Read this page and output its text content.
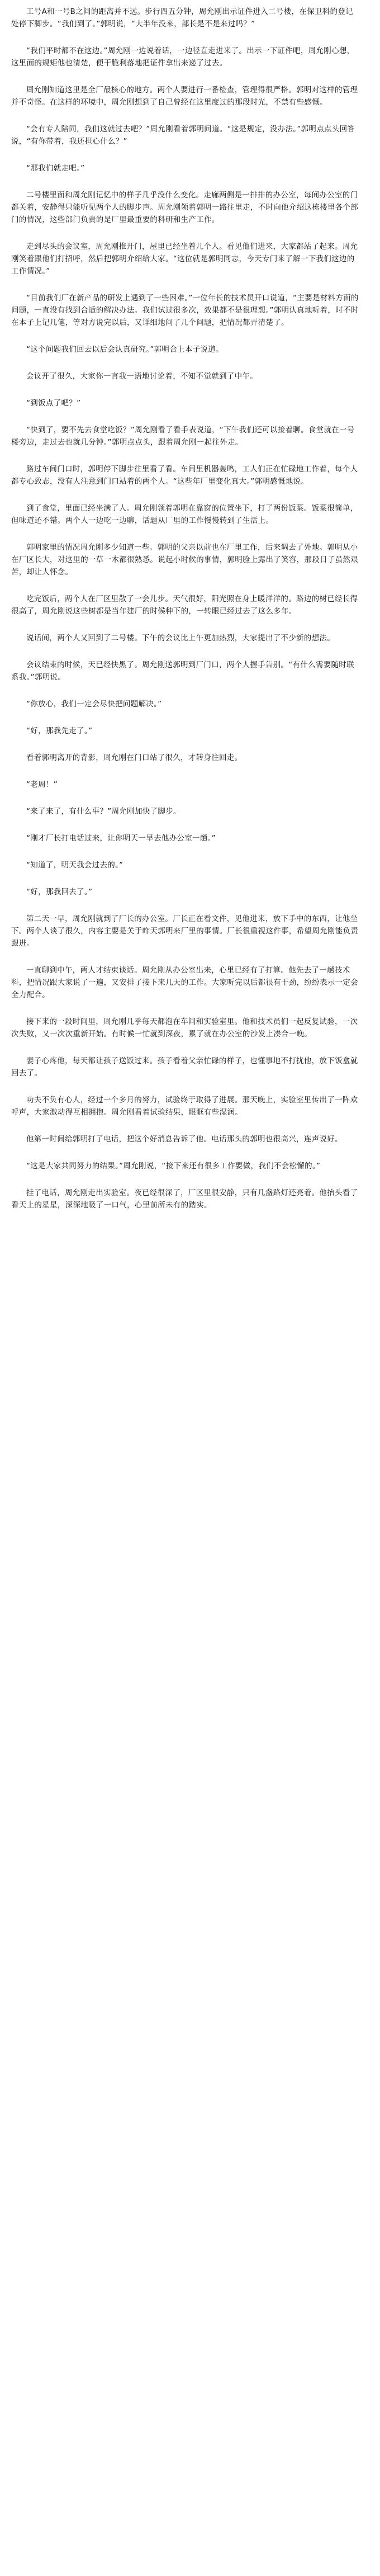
工号A和一号B之间的距离并不远。步行四五分钟，周允刚出示证件进入二号楼，在保卫科的登记处停下脚步。“我们到了。”郭明说，“大半年没来，部长是不是来过吗？”

“我们平时都不在这边。”周允刚一边说着话，一边径直走进来了。出示一下证件吧，周允刚心想，这里面的规矩他也清楚，便干脆利落地把证件拿出来递了过去。

周允刚知道这里是全厂最核心的地方。两个人要进行一番检查，管理得很严格。郭明对这样的管理并不奇怪。在这样的环境中，周允刚想到了自己曾经在这里度过的那段时光，不禁有些感慨。

“会有专人陪同，我们这就过去吧？”周允刚看着郭明问道。“这是规定，没办法。”郭明点点头回答说，“有你带着，我还担心什么？”

“那我们就走吧。”

二号楼里面和周允刚记忆中的样子几乎没什么变化。走廊两侧是一排排的办公室，每间办公室的门都关着，安静得只能听见两个人的脚步声。周允刚领着郭明一路往里走，不时向他介绍这栋楼里各个部门的情况，这些部门负责的是厂里最重要的科研和生产工作。

走到尽头的会议室，周允刚推开门，屋里已经坐着几个人。看见他们进来，大家都站了起来。周允刚笑着跟他们打招呼，然后把郭明介绍给大家。“这位就是郭明同志，今天专门来了解一下我们这边的工作情况。”

“目前我们厂在新产品的研发上遇到了一些困难。”一位年长的技术员开口说道，“主要是材料方面的问题，一直没有找到合适的解决办法。我们试过很多次，效果都不是很理想。”郭明认真地听着，时不时在本子上记几笔，等对方说完以后，又详细地问了几个问题，把情况都弄清楚了。

“这个问题我们回去以后会认真研究。”郭明合上本子说道。

会议开了很久，大家你一言我一语地讨论着，不知不觉就到了中午。

“到饭点了吧？”

“快到了，要不先去食堂吃饭？”周允刚看了看手表说道，“下午我们还可以接着聊。食堂就在一号楼旁边，走过去也就几分钟。”郭明点点头，跟着周允刚一起往外走。

路过车间门口时，郭明停下脚步往里看了看。车间里机器轰鸣，工人们正在忙碌地工作着，每个人都专心致志，没有人注意到门口站着的两个人。“这些年厂里变化真大。”郭明感慨地说。

到了食堂，里面已经坐满了人。周允刚领着郭明在靠窗的位置坐下，打了两份饭菜。饭菜很简单，但味道还不错。两个人一边吃一边聊，话题从厂里的工作慢慢转到了生活上。

郭明家里的情况周允刚多少知道一些。郭明的父亲以前也在厂里工作，后来调去了外地。郭明从小在厂区长大，对这里的一草一木都很熟悉。说起小时候的事情，郭明脸上露出了笑容，那段日子虽然艰苦，却让人怀念。

吃完饭后，两个人在厂区里散了一会儿步。天气很好，阳光照在身上暖洋洋的。路边的树已经长得很高了，周允刚说这些树都是当年建厂的时候种下的，一转眼已经过去了这么多年。

说话间，两个人又回到了二号楼。下午的会议比上午更加热烈，大家提出了不少新的想法。

会议结束的时候，天已经快黑了。周允刚送郭明到厂门口，两个人握手告别。“有什么需要随时联系我。”郭明说。

“你放心，我们一定会尽快把问题解决。”

“好，那我先走了。”

看着郭明离开的背影，周允刚在门口站了很久，才转身往回走。

“老周！”

“来了来了，有什么事？”周允刚加快了脚步。

“刚才厂长打电话过来，让你明天一早去他办公室一趟。”

“知道了，明天我会过去的。”

“好，那我回去了。”

第二天一早，周允刚就到了厂长的办公室。厂长正在看文件，见他进来，放下手中的东西，让他坐下。两个人谈了很久，内容主要是关于昨天郭明来厂里的事情。厂长很重视这件事，希望周允刚能负责跟进。

一直聊到中午，两人才结束谈话。周允刚从办公室出来，心里已经有了打算。他先去了一趟技术科，把情况跟大家说了一遍，又安排了接下来几天的工作。大家听完以后都很有干劲，纷纷表示一定会全力配合。

接下来的一段时间里，周允刚几乎每天都泡在车间和实验室里。他和技术员们一起反复试验，一次次失败，又一次次重新开始。有时候一忙就到深夜，累了就在办公室的沙发上凑合一晚。

妻子心疼他，每天都让孩子送饭过来。孩子看着父亲忙碌的样子，也懂事地不打扰他，放下饭盒就回去了。

功夫不负有心人，经过一个多月的努力，试验终于取得了进展。那天晚上，实验室里传出了一阵欢呼声，大家激动得互相拥抱。周允刚看着试验结果，眼眶有些湿润。

他第一时间给郭明打了电话，把这个好消息告诉了他。电话那头的郭明也很高兴，连声说好。

“这是大家共同努力的结果。”周允刚说，“接下来还有很多工作要做，我们不会松懈的。”

挂了电话，周允刚走出实验室。夜已经很深了，厂区里很安静，只有几盏路灯还亮着。他抬头看了看天上的星星，深深地吸了一口气，心里前所未有的踏实。
